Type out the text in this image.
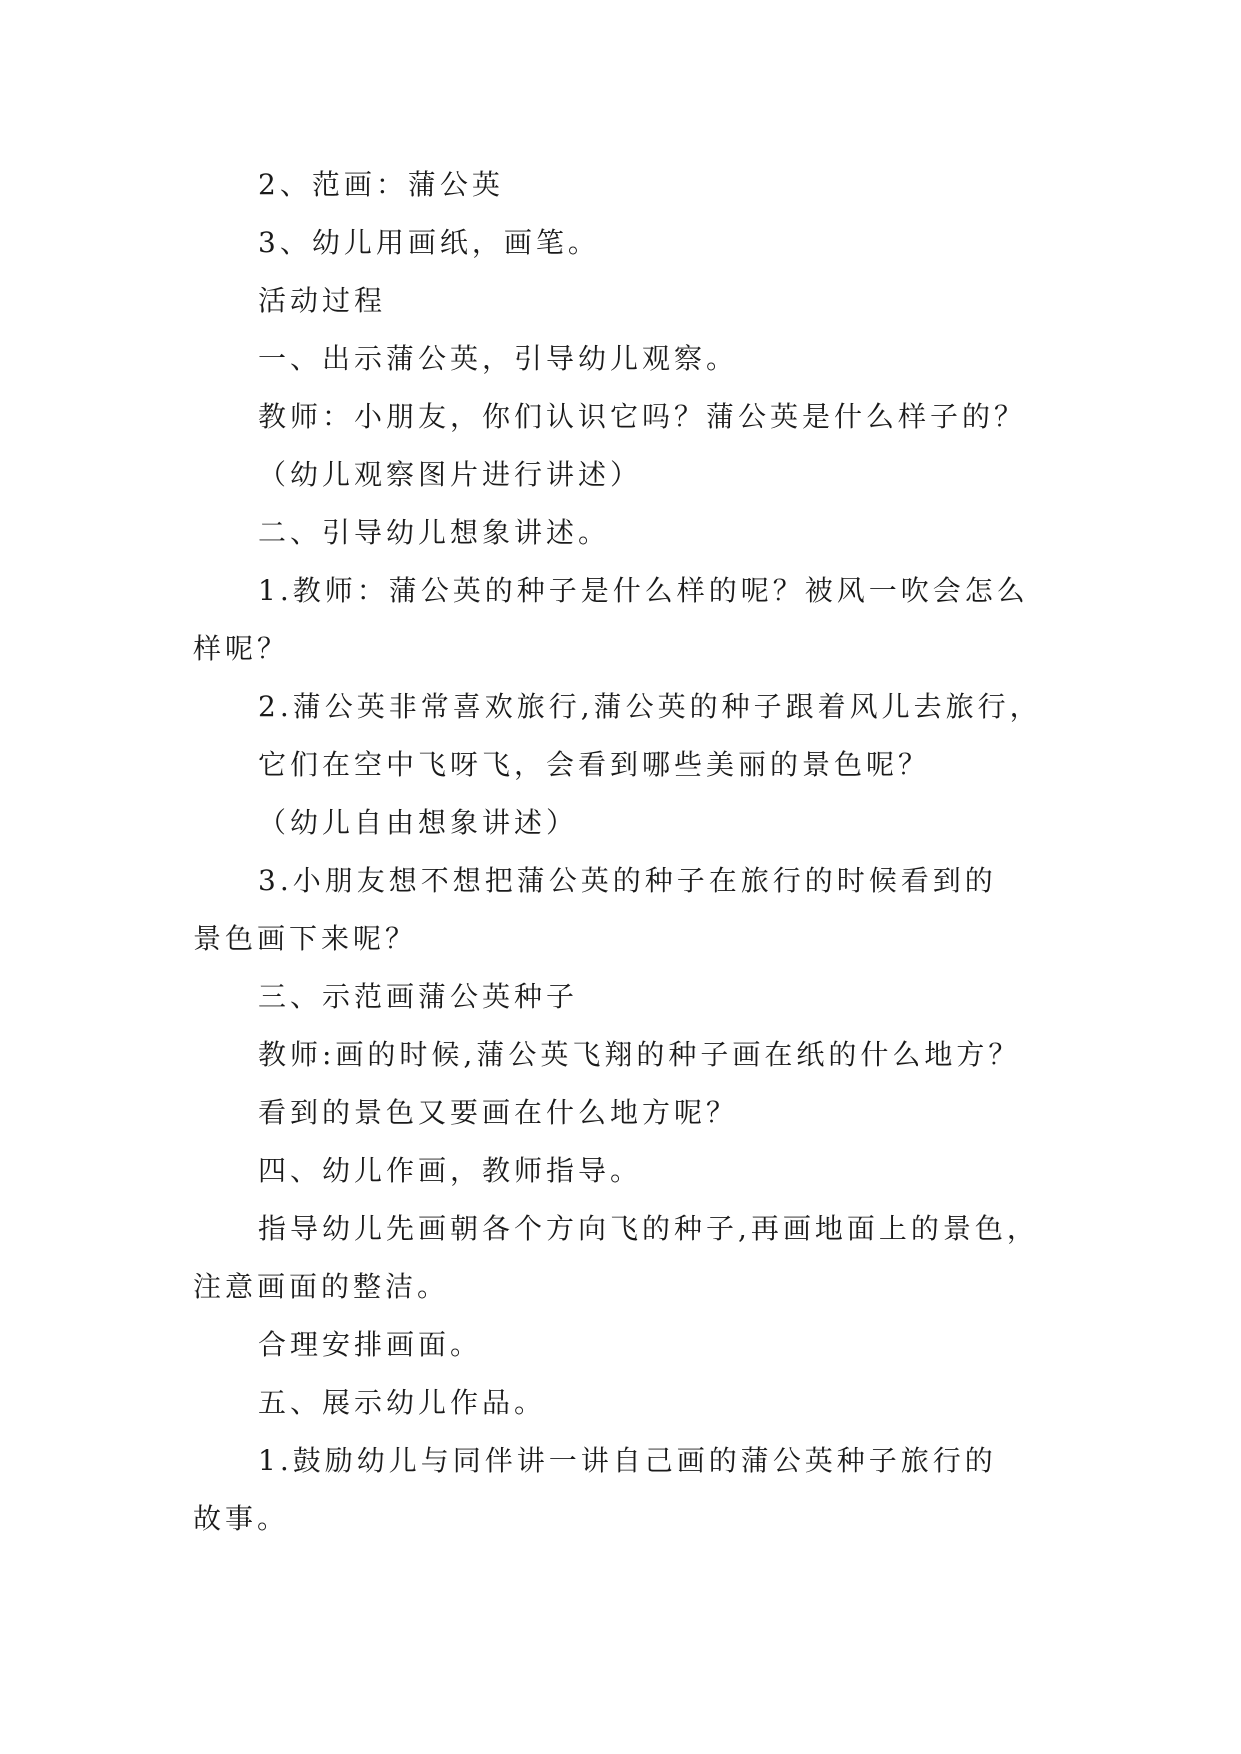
2、范画：蒲公英
3、幼儿用画纸，画笔。
活动过程
一、出示蒲公英，引导幼儿观察。
教师：小朋友，你们认识它吗？蒲公英是什么样子的？
（幼儿观察图片进行讲述）
二、引导幼儿想象讲述。
1.教师：蒲公英的种子是什么样的呢？被风一吹会怎么
样呢？
2.蒲公英非常喜欢旅行,蒲公英的种子跟着风儿去旅行，
它们在空中飞呀飞，会看到哪些美丽的景色呢？
（幼儿自由想象讲述）
3.小朋友想不想把蒲公英的种子在旅行的时候看到的
景色画下来呢？
三、示范画蒲公英种子
教师:画的时候,蒲公英飞翔的种子画在纸的什么地方？
看到的景色又要画在什么地方呢？
四、幼儿作画，教师指导。
指导幼儿先画朝各个方向飞的种子,再画地面上的景色，
注意画面的整洁。
合理安排画面。
五、展示幼儿作品。
1.鼓励幼儿与同伴讲一讲自己画的蒲公英种子旅行的
故事。
